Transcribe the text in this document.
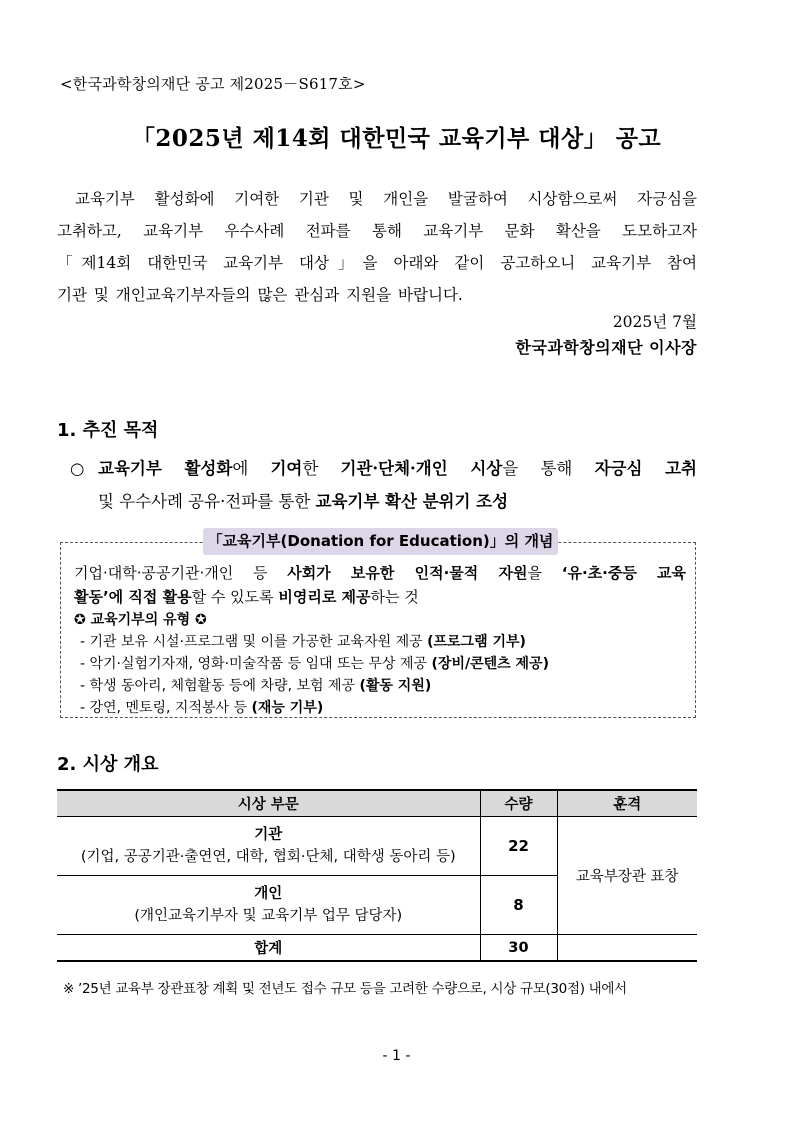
<한국과학창의재단 공고 제2025－S617호>
「2025년 제14회 대한민국 교육기부 대상」 공고
교육기부 활성화에 기여한 기관 및 개인을 발굴하여 시상함으로써 자긍심을
고취하고, 교육기부 우수사례 전파를 통해 교육기부 문화 확산을 도모하고자
「제14회 대한민국 교육기부 대상」을 아래와 같이 공고하오니 교육기부 참여
기관 및 개인교육기부자들의 많은 관심과 지원을 바랍니다.
2025년 7월
한국과학창의재단 이사장
1. 추진 목적
○ 교육기부 활성화에 기여한 기관·단체·개인 시상을 통해 자긍심 고취
및 우수사례 공유·전파를 통한 교육기부 확산 분위기 조성
「교육기부(Donation for Education)」의 개념
기업·대학·공공기관·개인 등 사회가 보유한 인적·물적 자원을 ‘유·초·중등 교육
활동’에 직접 활용할 수 있도록 비영리로 제공하는 것
✪ 교육기부의 유형 ✪
- 기관 보유 시설·프로그램 및 이를 가공한 교육자원 제공 (프로그램 기부)
- 악기·실험기자재, 영화·미술작품 등 임대 또는 무상 제공 (장비/콘텐츠 제공)
- 학생 동아리, 체험활동 등에 차량, 보험 제공 (활동 지원)
- 강연, 멘토링, 지적봉사 등 (재능 기부)
2. 시상 개요
시상 부문	수량	훈격

기관
(기업, 공공기관·출연연, 대학, 협회·단체, 대학생 동아리 등)	22	교육부장관 표창

개인
(개인교육기부자 및 교육기부 업무 담당자)	8	
합계	30	
※ ’25년 교육부 장관표창 계획 및 전년도 접수 규모 등을 고려한 수량으로, 시상 규모(30점) 내에서
- 1 -
